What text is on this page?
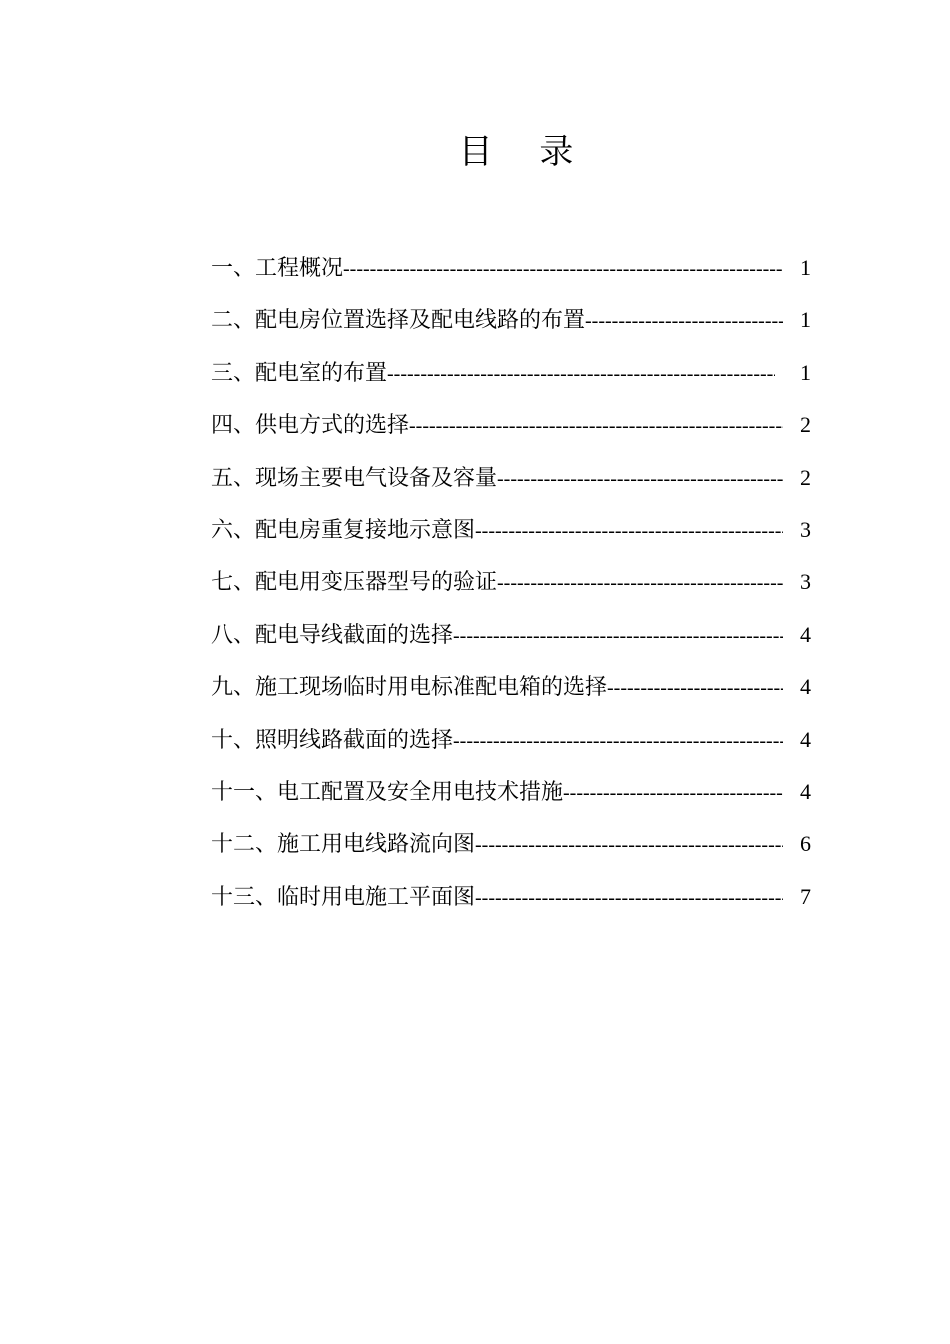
目 录
一、工程概况 -----	1
二、配电房位置选择及配电线路的布置 -----	1
三、配电室的布置 -----	1
四、供电方式的选择 -----	2
五、现场主要电气设备及容量 -----	2
六、配电房重复接地示意图 -----	3
七、配电用变压器型号的验证 -----	3
八、配电导线截面的选择 -----	4
九、施工现场临时用电标准配电箱的选择 -----	4
十、照明线路截面的选择 -----	4
十一、电工配置及安全用电技术措施 -----	4
十二、施工用电线路流向图 -----	6
十三、临时用电施工平面图 -----	7
